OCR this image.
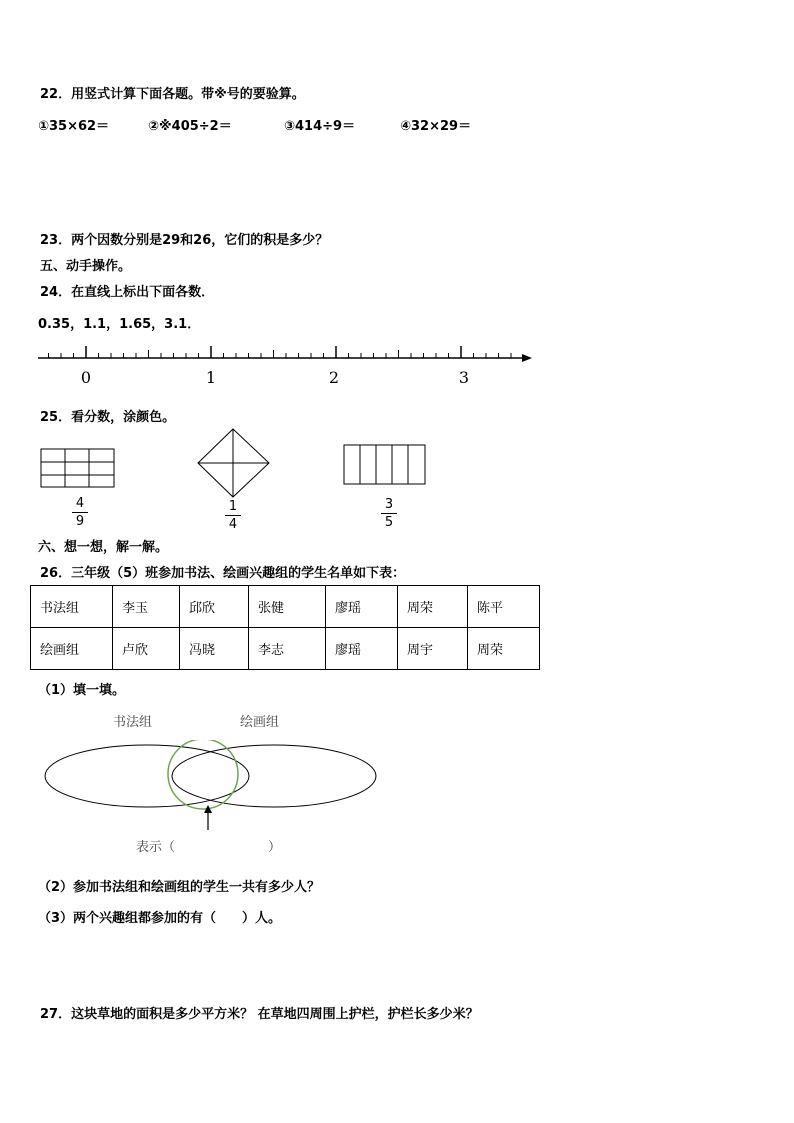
22．用竖式计算下面各题。带※号的要验算。
①35×62＝	②※405÷2＝	③414÷9＝	④32×29＝
23．两个因数分别是29和26，它们的积是多少？
五、动手操作。
24．在直线上标出下面各数．
0.35，1.1，1.65，3.1．
0	1	2	3
25．看分数，涂颜色。
4
9
1
4
3
5
六、想一想，解一解。
26．三年级（5）班参加书法、绘画兴趣组的学生名单如下表：
书法组	李玉	邱欣	张健	廖瑶	周荣	陈平
绘画组	卢欣	冯晓	李志	廖瑶	周宇	周荣
（1）填一填。
书法组	绘画组
表示（	）
（2）参加书法组和绘画组的学生一共有多少人？
（3）两个兴趣组都参加的有（　　）人。
27．这块草地的面积是多少平方米？ 在草地四周围上护栏，护栏长多少米？
